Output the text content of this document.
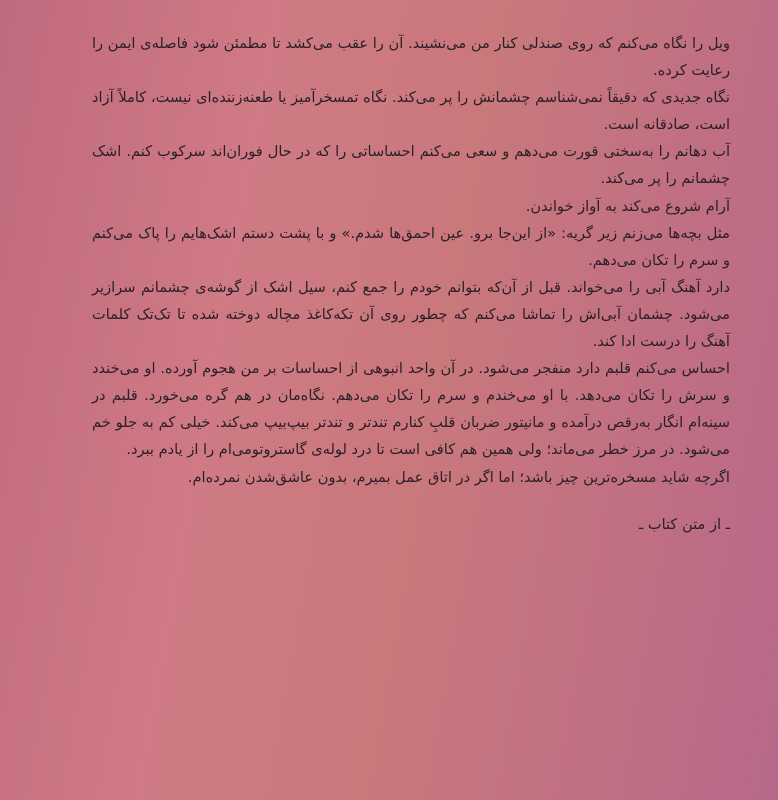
ویل را نگاه می‌کنم که روی صندلی کنار من می‌نشیند. آن را عقب می‌کشد تا مطمئن شود فاصله‌ی ایمن را رعایت کرده.

نگاه جدیدی که دقیقاً نمی‌شناسم چشمانش را پر می‌کند. نگاه تمسخرآمیز یا طعنه‌زننده‌ای نیست، کاملاً آزاد است، صادقانه است.

آب دهانم را به‌سختی قورت می‌دهم و سعی می‌کنم احساساتی را که در حال فوران‌اند سرکوب کنم. اشک چشمانم را پر می‌کند.

آرام شروع می‌کند به آواز خواندن.

مثل بچه‌ها می‌زنم زیر گریه: «از این‌جا برو. عین احمق‌ها شدم.» و با پشت دستم اشک‌هایم را پاک می‌کنم و سرم را تکان می‌دهم.

دارد آهنگ آبی را می‌خواند. قبل از آن‌که بتوانم خودم را جمع کنم، سیل اشک از گوشه‌ی چشمانم سرازیر می‌شود. چشمان آبی‌اش را تماشا می‌کنم که چطور روی آن تکه‌کاغذ مچاله دوخته شده تا تک‌تک کلمات آهنگ را درست ادا کند.

احساس می‌کنم قلبم دارد منفجر می‌شود. در آن واحد انبوهی از احساسات بر من هجوم آورده. او می‌خندد و سرش را تکان می‌دهد. با او می‌خندم و سرم را تکان می‌دهم. نگاه‌مان در هم گره می‌خورد. قلبم در سینه‌ام انگار به‌رقص درآمده و مانیتور ضربان قلبِ کنارم تندتر و تندتر بیپ‌بیپ می‌کند. خیلی کم به جلو خم می‌شود. در مرز خطر می‌ماند؛ ولی همین هم کافی است تا درد لوله‌ی گاستروتومی‌ام را از یادم ببرد.

اگرچه شاید مسخره‌ترین چیز باشد؛ اما اگر در اتاق عمل بمیرم، بدون عاشق‌شدن نمرده‌ام.

ـ از متن کتاب ـ
